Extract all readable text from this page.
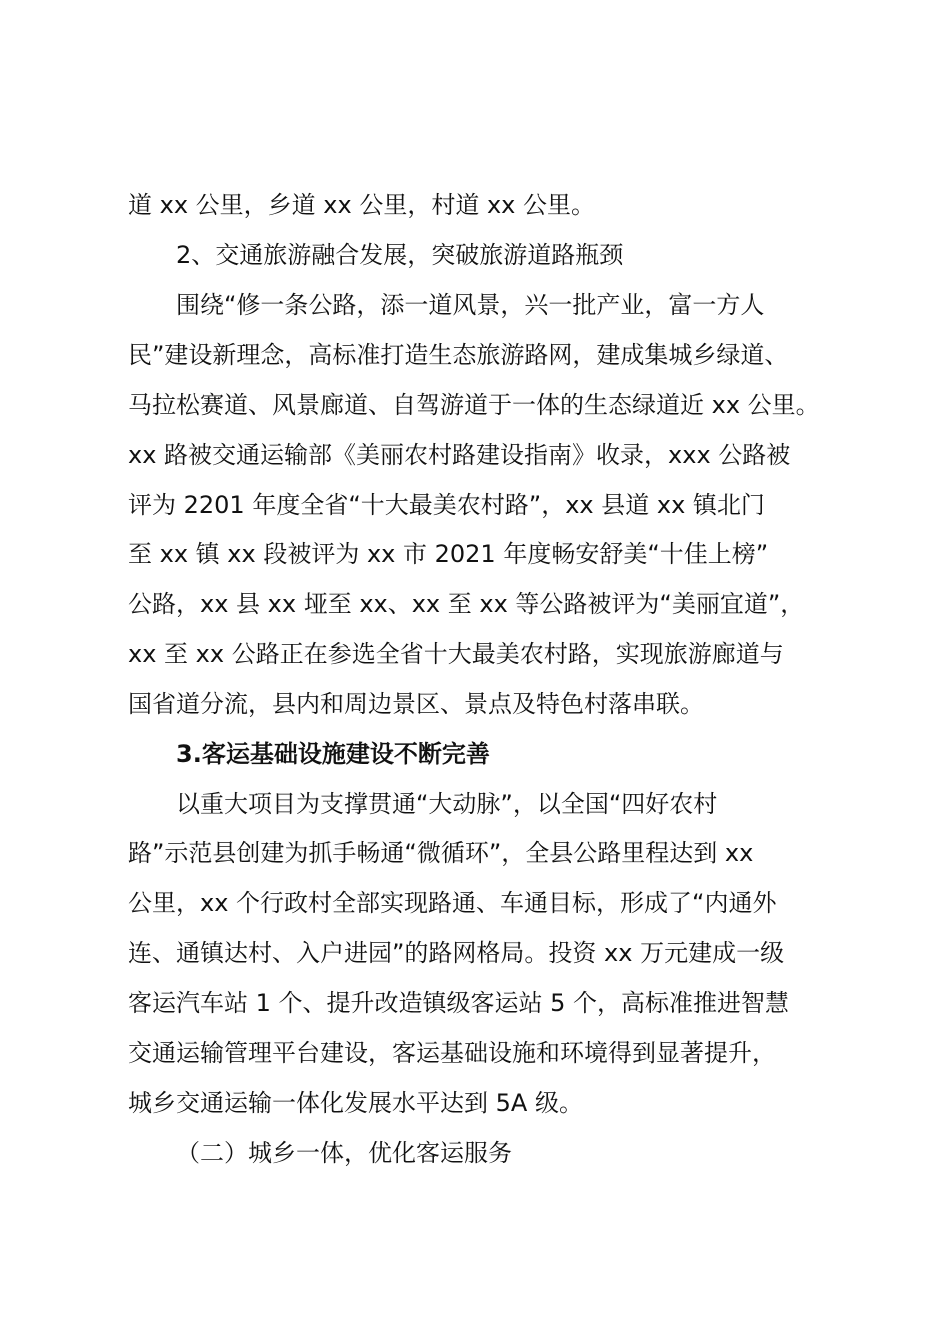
道 xx 公里，乡道 xx 公里，村道 xx 公里。
2、交通旅游融合发展，突破旅游道路瓶颈
围绕“修一条公路，添一道风景，兴一批产业，富一方人
民”建设新理念，高标准打造生态旅游路网，建成集城乡绿道、
马拉松赛道、风景廊道、自驾游道于一体的生态绿道近 xx 公里。
xx 路被交通运输部《美丽农村路建设指南》收录，xxx 公路被
评为 2201 年度全省“十大最美农村路”，xx 县道 xx 镇北门
至 xx 镇 xx 段被评为 xx 市 2021 年度畅安舒美“十佳上榜”
公路，xx 县 xx 垭至 xx、xx 至 xx 等公路被评为“美丽宜道”，
xx 至 xx 公路正在参选全省十大最美农村路，实现旅游廊道与
国省道分流，县内和周边景区、景点及特色村落串联。
3.客运基础设施建设不断完善
以重大项目为支撑贯通“大动脉”，以全国“四好农村
路”示范县创建为抓手畅通“微循环”，全县公路里程达到 xx
公里，xx 个行政村全部实现路通、车通目标，形成了“内通外
连、通镇达村、入户进园”的路网格局。投资 xx 万元建成一级
客运汽车站 1 个、提升改造镇级客运站 5 个，高标准推进智慧
交通运输管理平台建设，客运基础设施和环境得到显著提升，
城乡交通运输一体化发展水平达到 5A 级。
（二）城乡一体，优化客运服务
